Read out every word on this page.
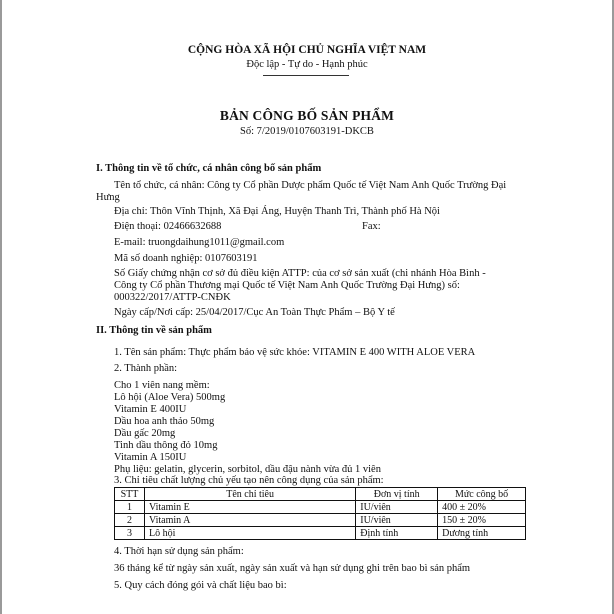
CỘNG HÒA XÃ HỘI CHỦ NGHĨA VIỆT NAM
Độc lập - Tự do - Hạnh phúc
BẢN CÔNG BỐ SẢN PHẨM
Số: 7/2019/0107603191-DKCB
I. Thông tin về tổ chức, cá nhân công bố sản phẩm
Tên tổ chức, cá nhân: Công ty Cổ phần Dược phẩm Quốc tế Việt Nam Anh Quốc Trường Đại
Hưng
Địa chỉ: Thôn Vĩnh Thịnh, Xã Đại Áng, Huyện Thanh Trì, Thành phố Hà Nội
Điện thoại: 02466632688	Fax:
E-mail: truongdaihung1011@gmail.com
Mã số doanh nghiệp: 0107603191
Số Giấy chứng nhận cơ sở đủ điều kiện ATTP: của cơ sở sản xuất (chi nhánh Hòa Bình -
Công ty Cổ phần Thương mại Quốc tế Việt Nam Anh Quốc Trường Đại Hưng) số:
000322/2017/ATTP-CNĐK
Ngày cấp/Nơi cấp: 25/04/2017/Cục An Toàn Thực Phẩm – Bộ Y tế
II. Thông tin về sản phẩm
1. Tên sản phẩm: Thực phẩm bảo vệ sức khỏe: VITAMIN E 400 WITH ALOE VERA
2. Thành phần:
Cho 1 viên nang mềm:
Lô hội (Aloe Vera) 500mg
Vitamin E 400IU
Dầu hoa anh thảo 50mg
Dầu gấc 20mg
Tinh dầu thông đỏ 10mg
Vitamin A 150IU
Phụ liệu: gelatin, glycerin, sorbitol, dầu đậu nành vừa đủ 1 viên
3. Chỉ tiêu chất lượng chủ yếu tạo nên công dụng của sản phẩm:
STT	Tên chỉ tiêu	Đơn vị tính	Mức công bố
1	Vitamin E	IU/viên	400 ± 20%
2	Vitamin A	IU/viên	150 ± 20%
3	Lô hội	Định tính	Dương tính
4. Thời hạn sử dụng sản phẩm:
36 tháng kể từ ngày sản xuất, ngày sản xuất và hạn sử dụng ghi trên bao bì sản phẩm
5. Quy cách đóng gói và chất liệu bao bì:
